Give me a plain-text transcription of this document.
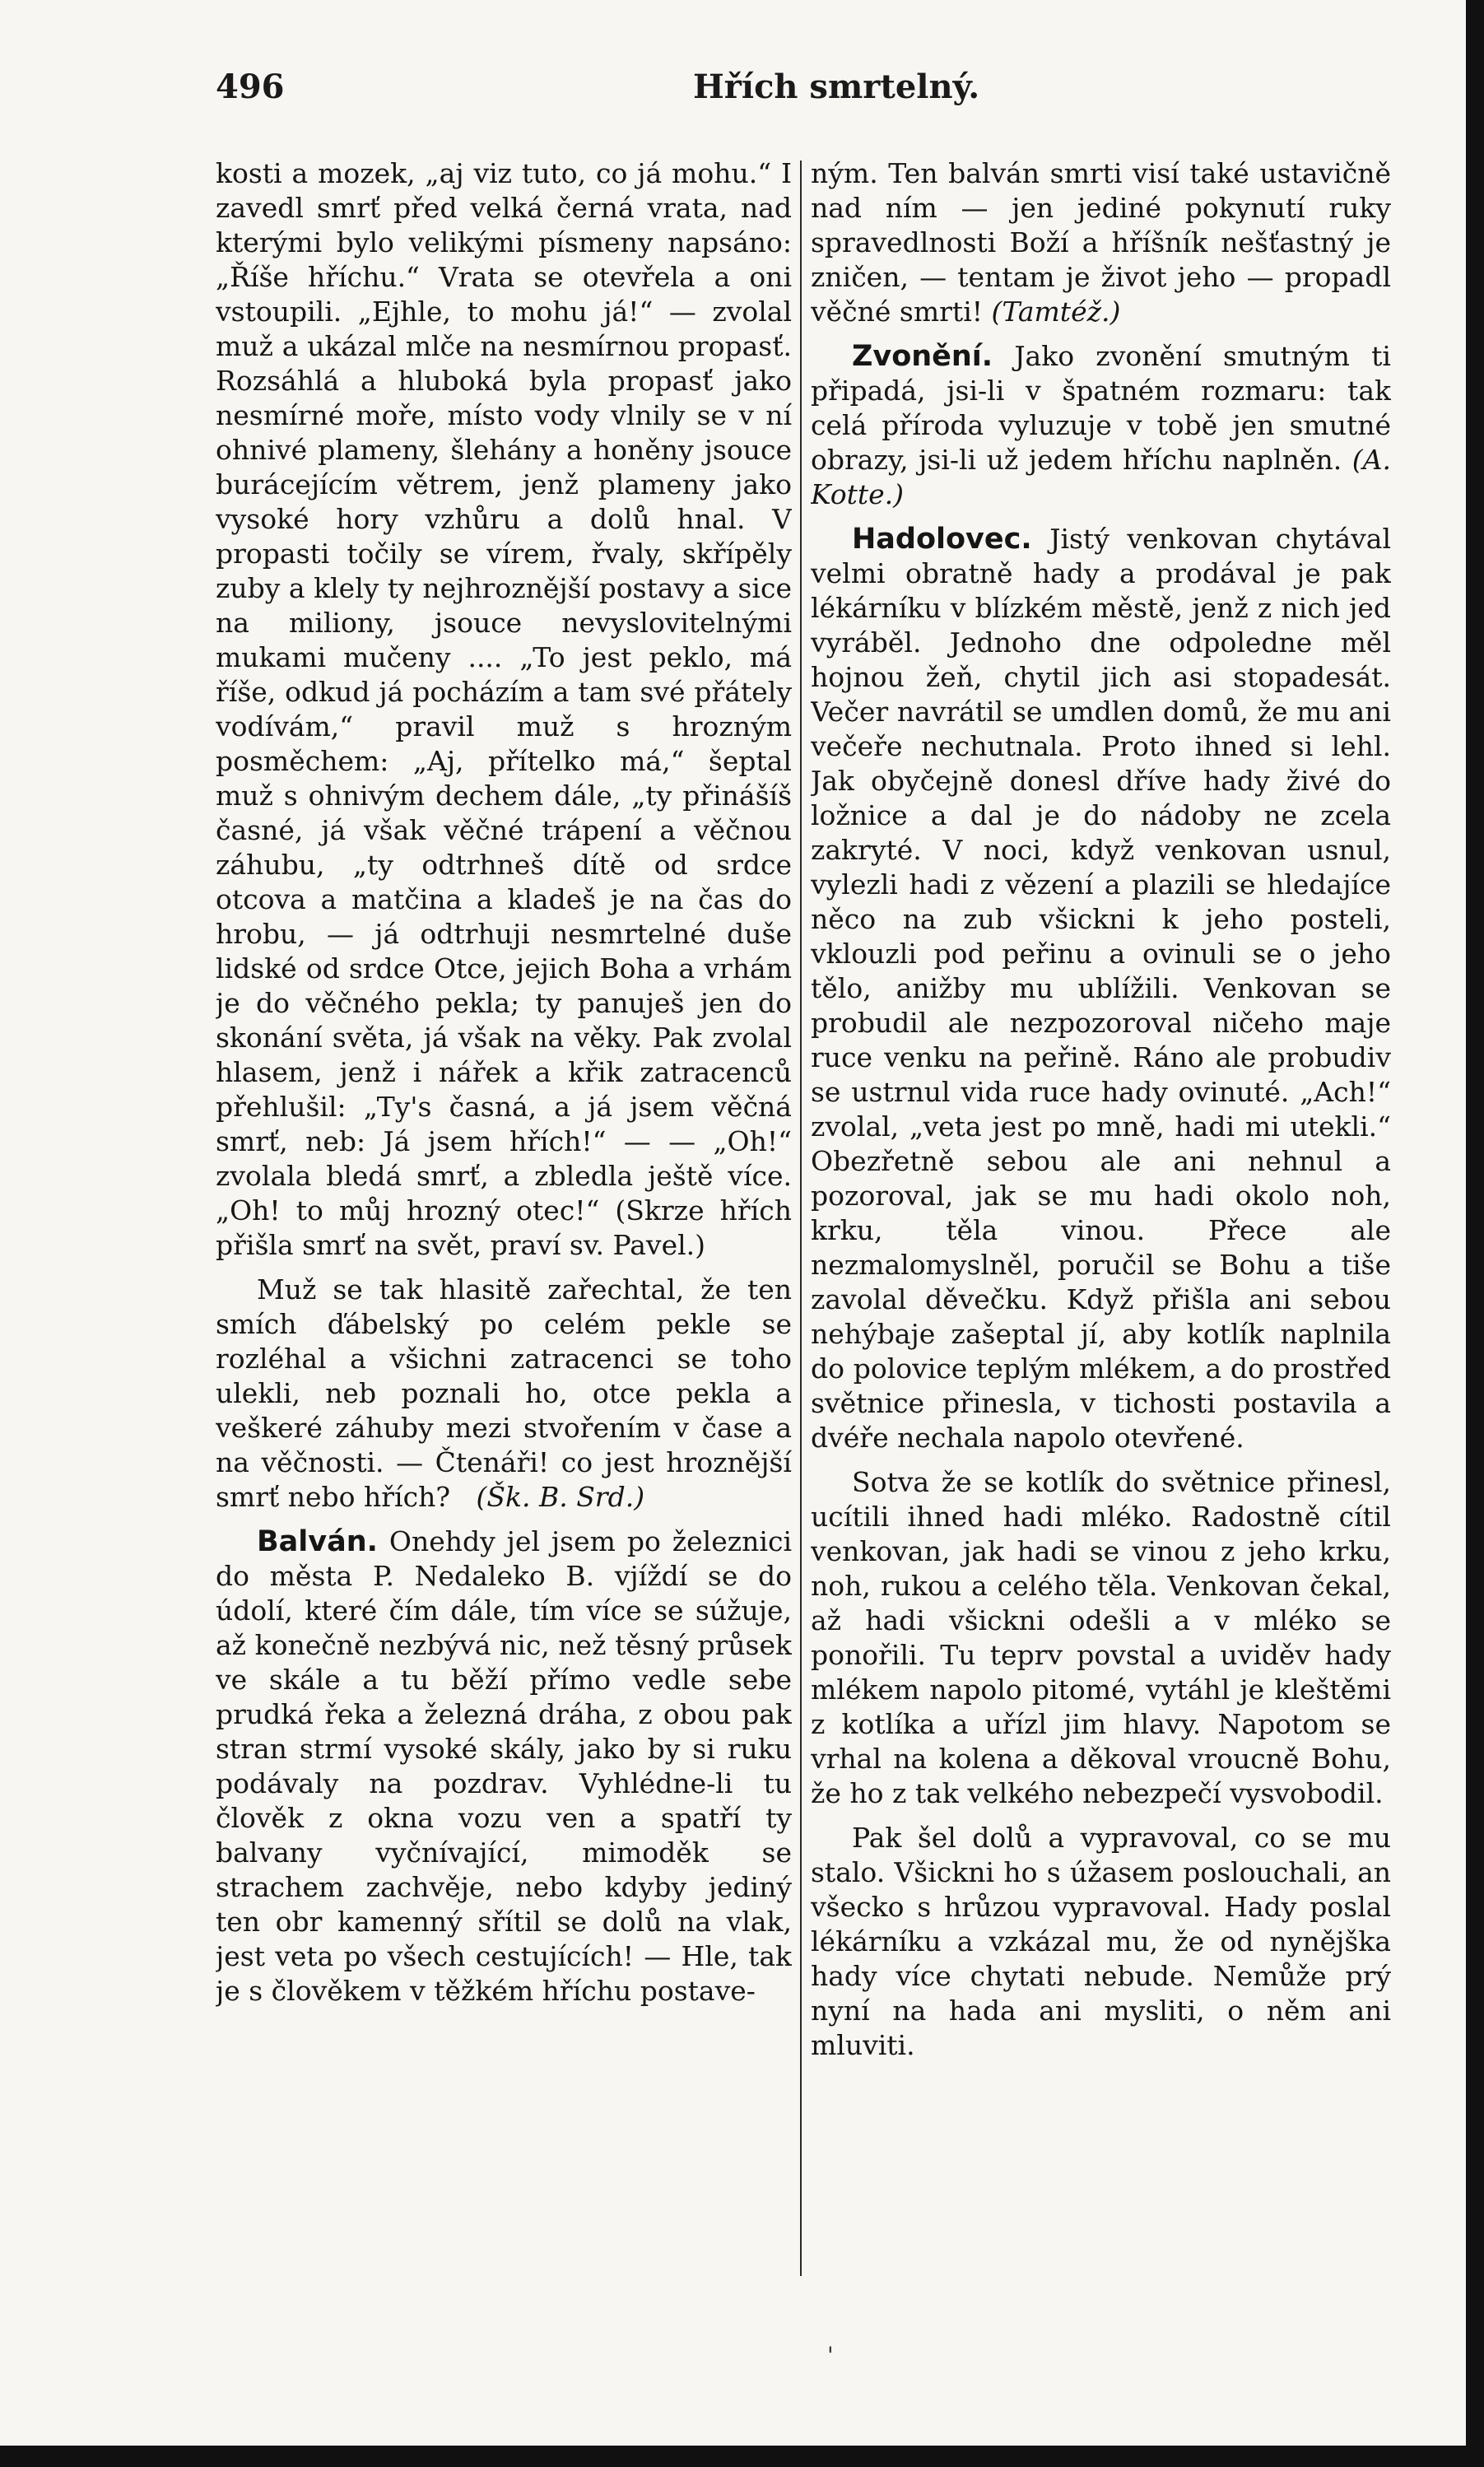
496	Hřích smrtelný.

kosti a mozek, „aj viz tuto, co já mohu.“ I zavedl smrť před velká černá vrata, nad kterými bylo velikými písmeny napsáno: „Říše hříchu.“ Vrata se otevřela a oni vstoupili. „Ejhle, to mohu já!“ — zvolal muž a ukázal mlče na nesmírnou propasť. Rozsáhlá a hluboká byla propasť jako nesmírné moře, místo vody vlnily se v ní ohnivé plameny, šlehány a honěny jsouce burácejícím větrem, jenž plameny jako vysoké hory vzhůru a dolů hnal. V propasti točily se vírem, řvaly, skřípěly zuby a klely ty nejhroznější postavy a sice na miliony, jsouce nevyslovitelnými mukami mučeny .... „To jest peklo, má říše, odkud já pocházím a tam své přátely vodívám,“ pravil muž s hrozným posměchem: „Aj, přítelko má,“ šeptal muž s ohnivým dechem dále, „ty přinášíš časné, já však věčné trápení a věčnou záhubu, „ty odtrhneš dítě od srdce otcova a matčina a kladeš je na čas do hrobu, — já odtrhuji nesmrtelné duše lidské od srdce Otce, jejich Boha a vrhám je do věčného pekla; ty panuješ jen do skonání světa, já však na věky. Pak zvolal hlasem, jenž i nářek a křik zatracenců přehlušil: „Ty's časná, a já jsem věčná smrť, neb: Já jsem hřích!“ — — „Oh!“ zvolala bledá smrť, a zbledla ještě více. „Oh! to můj hrozný otec!“ (Skrze hřích přišla smrť na svět, praví sv. Pavel.)

Muž se tak hlasitě zařechtal, že ten smích ďábelský po celém pekle se rozléhal a všichni zatracenci se toho ulekli, neb poznali ho, otce pekla a veškeré záhuby mezi stvořením v čase a na věčnosti. — Čtenáři! co jest hroznější smrť nebo hřích? (Šk. B. Srd.)

Balván. Onehdy jel jsem po železnici do města P. Nedaleko B. vjíždí se do údolí, které čím dále, tím více se súžuje, až konečně nezbývá nic, než těsný průsek ve skále a tu běží přímo vedle sebe prudká řeka a železná dráha, z obou pak stran strmí vysoké skály, jako by si ruku podávaly na pozdrav. Vyhlédne-li tu člověk z okna vozu ven a spatří ty balvany vyčnívající, mimoděk se strachem zachvěje, nebo kdyby jediný ten obr kamenný sřítil se dolů na vlak, jest veta po všech cestujících! — Hle, tak je s člověkem v těžkém hříchu postave-

ným. Ten balván smrti visí také ustavičně nad ním — jen jediné pokynutí ruky spravedlnosti Boží a hříšník nešťastný je zničen, — tentam je život jeho — propadl věčné smrti! (Tamtéž.)

Zvonění. Jako zvonění smutným ti připadá, jsi-li v špatném rozmaru: tak celá příroda vyluzuje v tobě jen smutné obrazy, jsi-li už jedem hříchu naplněn. (A. Kotte.)

Hadolovec. Jistý venkovan chytával velmi obratně hady a prodával je pak lékárníku v blízkém městě, jenž z nich jed vyráběl. Jednoho dne odpoledne měl hojnou žeň, chytil jich asi stopadesát. Večer navrátil se umdlen domů, že mu ani večeře nechutnala. Proto ihned si lehl. Jak obyčejně donesl dříve hady živé do ložnice a dal je do nádoby ne zcela zakryté. V noci, když venkovan usnul, vylezli hadi z vězení a plazili se hledajíce něco na zub všickni k jeho posteli, vklouzli pod peřinu a ovinuli se o jeho tělo, anižby mu ublížili. Venkovan se probudil ale nezpozoroval ničeho maje ruce venku na peřině. Ráno ale probudiv se ustrnul vida ruce hady ovinuté. „Ach!“ zvolal, „veta jest po mně, hadi mi utekli.“ Obezřetně sebou ale ani nehnul a pozoroval, jak se mu hadi okolo noh, krku, těla vinou. Přece ale nezmalomyslněl, poručil se Bohu a tiše zavolal děvečku. Když přišla ani sebou nehýbaje zašeptal jí, aby kotlík naplnila do polovice teplým mlékem, a do prostřed světnice přinesla, v tichosti postavila a dvéře nechala napolo otevřené.

Sotva že se kotlík do světnice přinesl, ucítili ihned hadi mléko. Radostně cítil venkovan, jak hadi se vinou z jeho krku, noh, rukou a celého těla. Venkovan čekal, až hadi všickni odešli a v mléko se ponořili. Tu teprv povstal a uviděv hady mlékem napolo pitomé, vytáhl je kleštěmi z kotlíka a uřízl jim hlavy. Napotom se vrhal na kolena a děkoval vroucně Bohu, že ho z tak velkého nebezpečí vysvobodil.

Pak šel dolů a vypravoval, co se mu stalo. Všickni ho s úžasem poslouchali, an všecko s hrůzou vypravoval. Hady poslal lékárníku a vzkázal mu, že od nynějška hady více chytati nebude. Nemůže prý nyní na hada ani mysliti, o něm ani mluviti.

'
